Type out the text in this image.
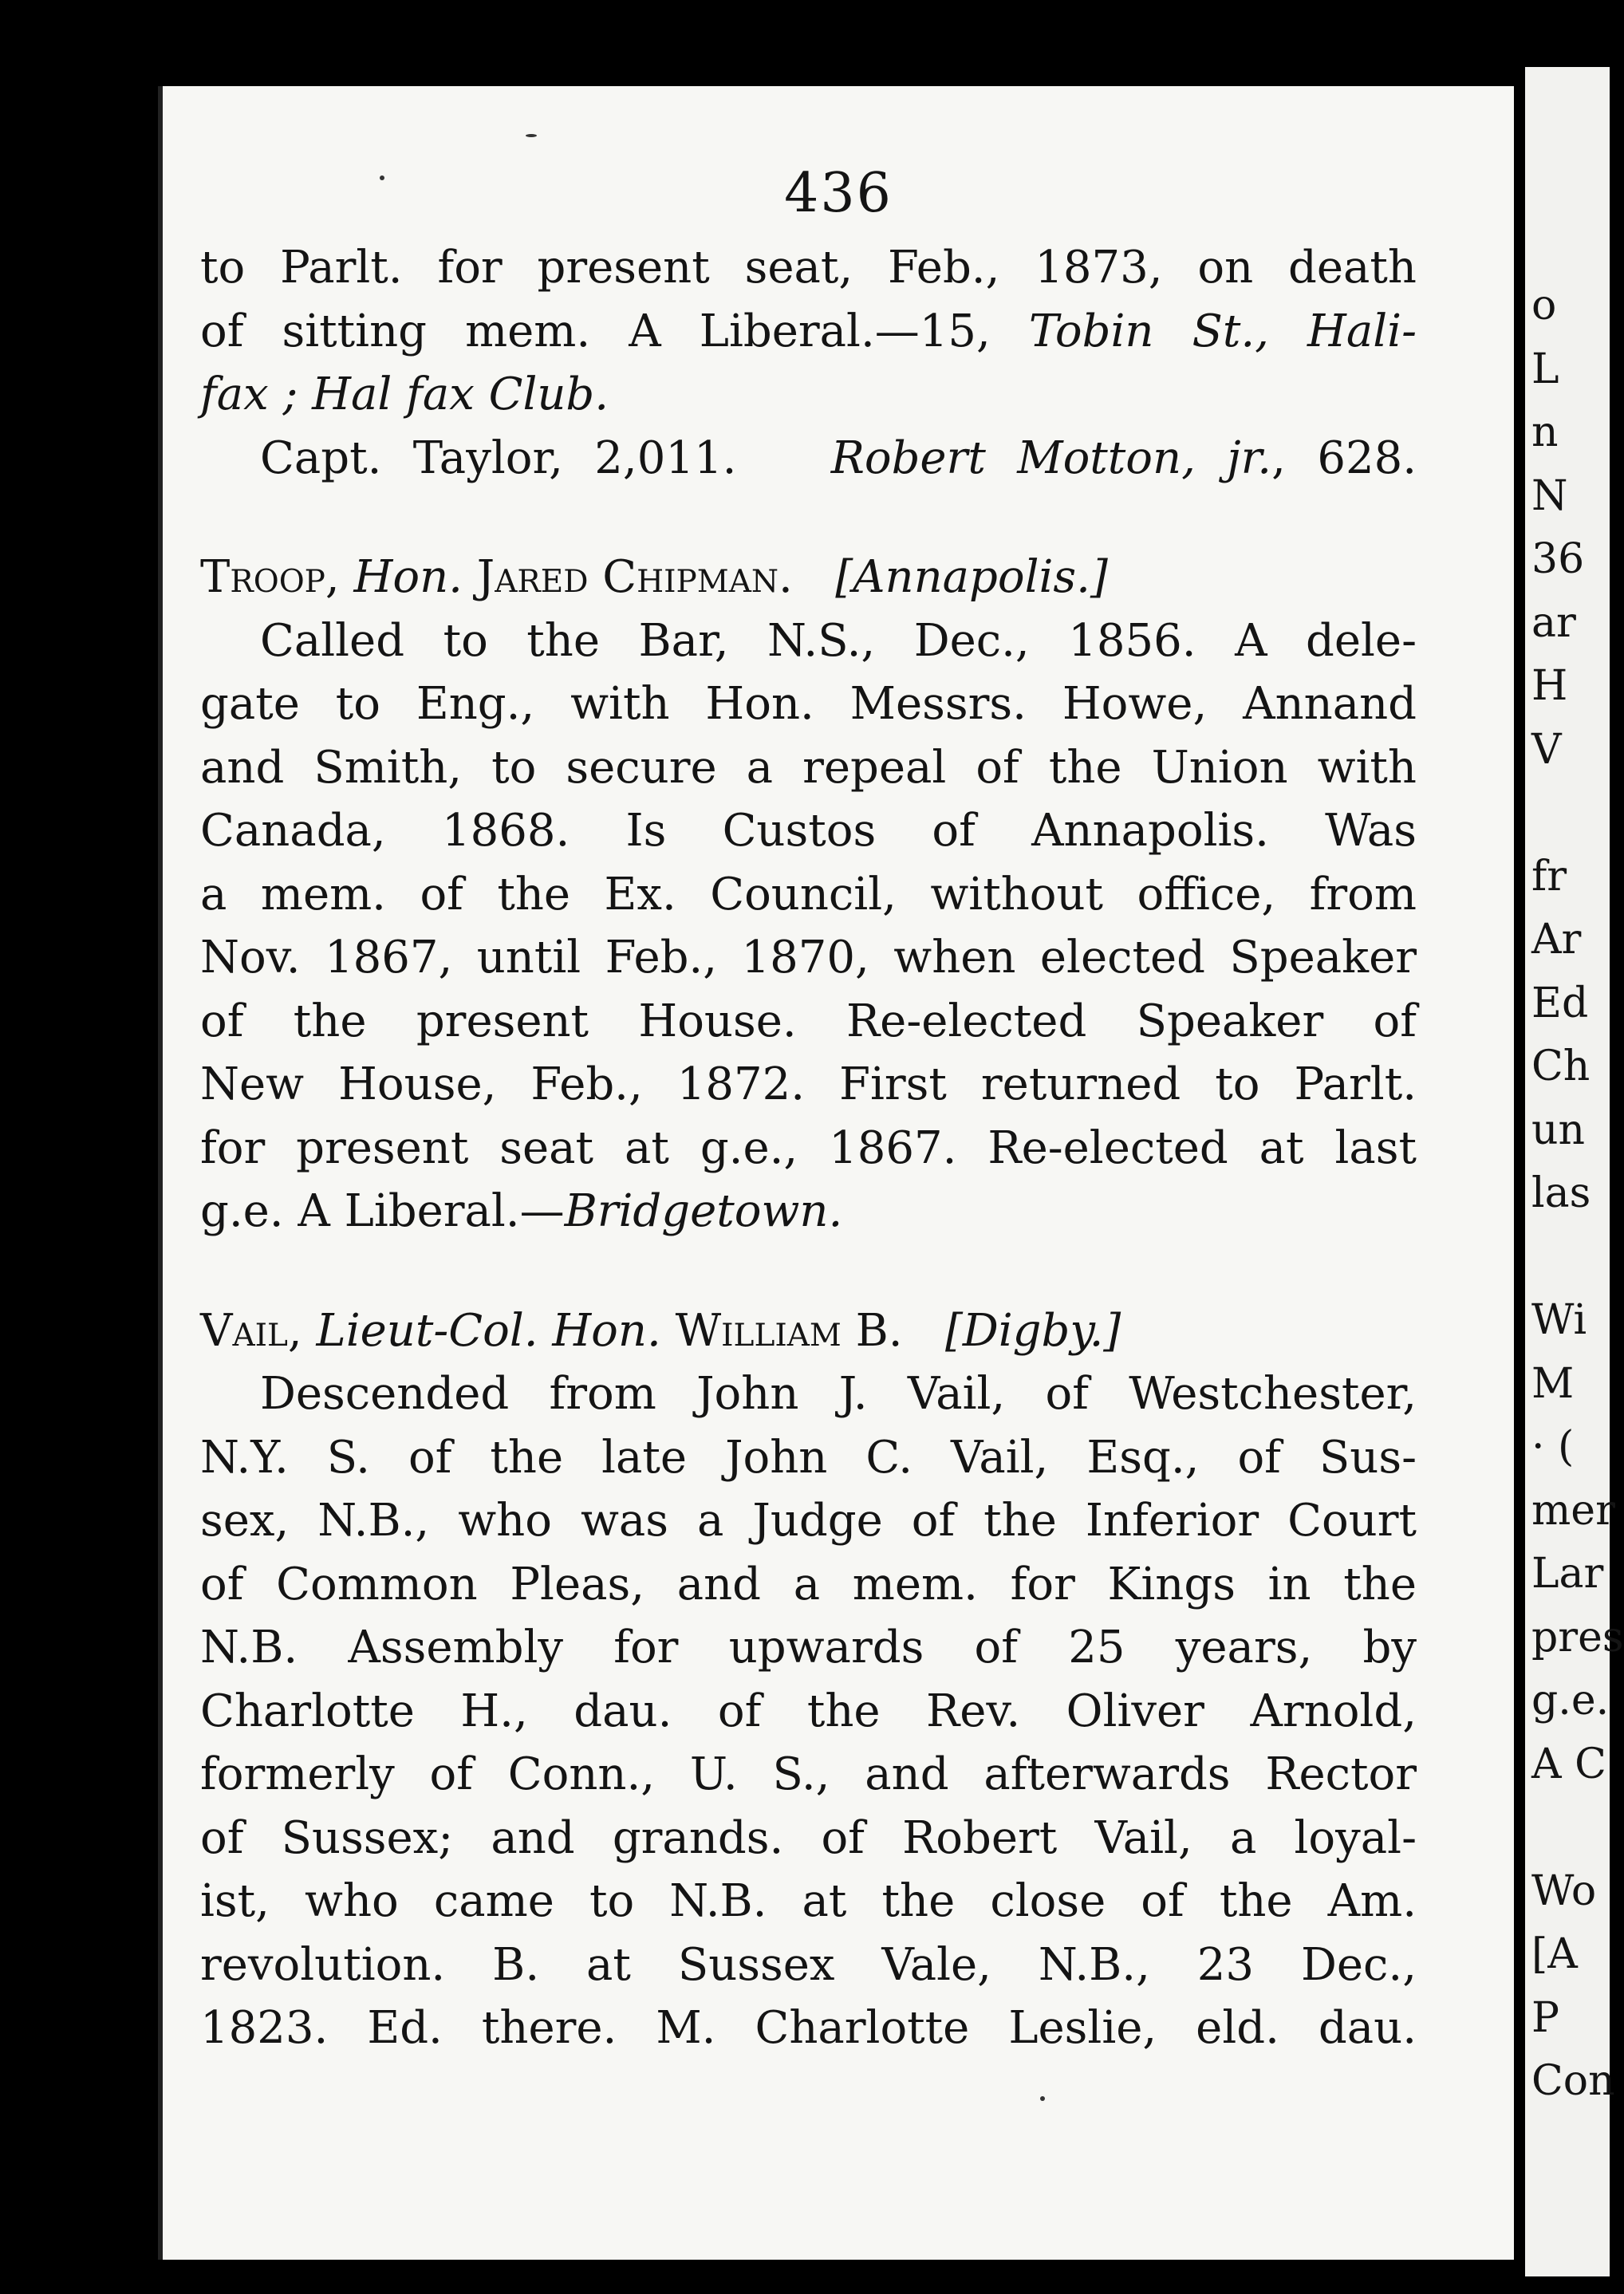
436
to Parlt. for present seat, Feb., 1873, on death
of sitting mem. A Liberal.—15, Tobin St., Hali-
fax ; Hal fax Club.
Capt. Taylor, 2,011. Robert Motton, jr., 628.
Troop, Hon. Jared Chipman. [Annapolis.]
Called to the Bar, N.S., Dec., 1856. A dele-
gate to Eng., with Hon. Messrs. Howe, Annand
and Smith, to secure a repeal of the Union with
Canada, 1868. Is Custos of Annapolis. Was
a mem. of the Ex. Council, without office, from
Nov. 1867, until Feb., 1870, when elected Speaker
of the present House. Re-elected Speaker of
New House, Feb., 1872. First returned to Parlt.
for present seat at g.e., 1867. Re-elected at last
g.e. A Liberal.—Bridgetown.
Vail, Lieut-Col. Hon. William B. [Digby.]
Descended from John J. Vail, of Westchester,
N.Y. S. of the late John C. Vail, Esq., of Sus-
sex, N.B., who was a Judge of the Inferior Court
of Common Pleas, and a mem. for Kings in the
N.B. Assembly for upwards of 25 years, by
Charlotte H., dau. of the Rev. Oliver Arnold,
formerly of Conn., U. S., and afterwards Rector
of Sussex; and grands. of Robert Vail, a loyal-
ist, who came to N.B. at the close of the Am.
revolution. B. at Sussex Vale, N.B., 23 Dec.,
1823. Ed. there. M. Charlotte Leslie, eld. dau.
o
L
n
N
36
ar
H
V
fr
Ar
Ed
Ch
un
las
Wi
M
· (
mer
Lar
pres
g.e.
A C
Wo
[A
P
Con
